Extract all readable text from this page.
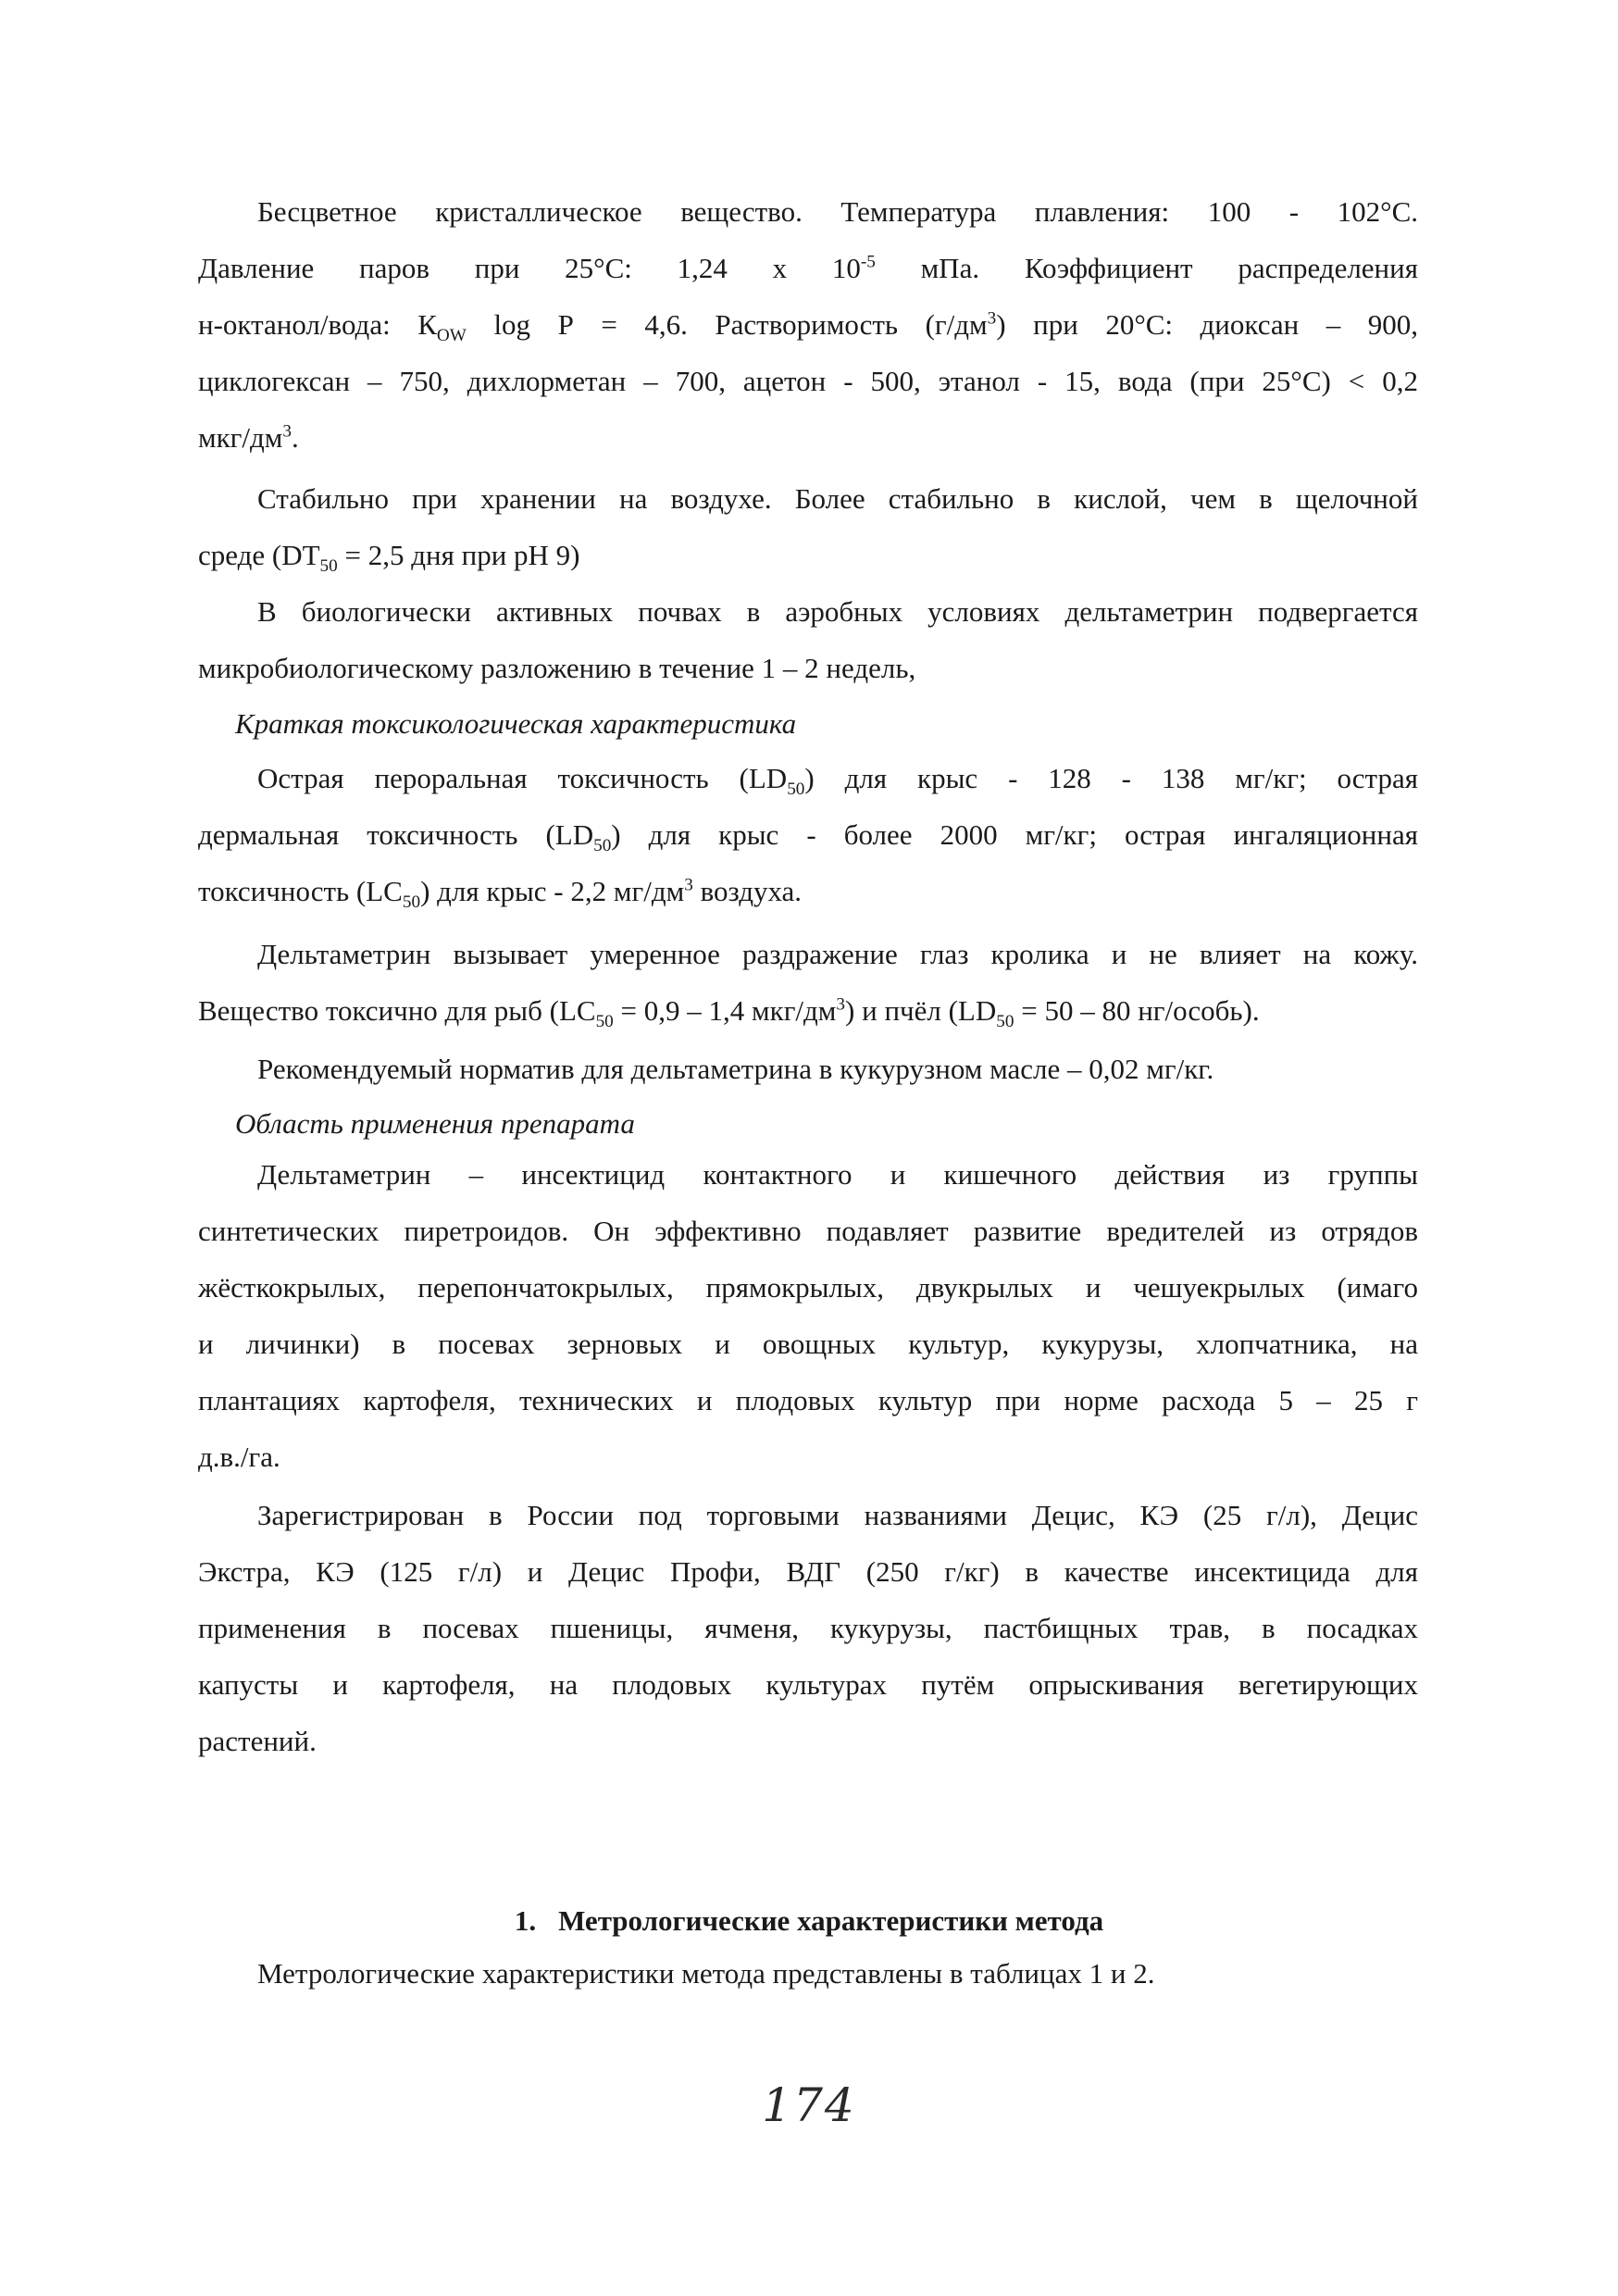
Бесцветное кристаллическое вещество. Температура плавления: 100 - 102°С.
Давление паров при 25°С: 1,24 х $10^{-5}$ мПа. Коэффициент распределения
н-октанол/вода: $К_{OW}$ log Р = 4,6. Растворимость $(г/дм^3)$ при 20°С: диоксан – 900,
циклогексан – 750, дихлорметан – 700, ацетон - 500, этанол - 15, вода (при 25°С) < 0,2
мкг/$дм^3$.
Стабильно при хранении на воздухе. Более стабильно в кислой, чем в щелочной
среде ($DT_{50} = 2,5$ дня при pH 9)
В биологически активных почвах в аэробных условиях дельтаметрин подвергается
микробиологическому разложению в течение 1 – 2 недель,
Краткая токсикологическая характеристика
Острая пероральная токсичность $(LD_{50})$ для крыс - 128 - 138 мг/кг; острая
дермальная токсичность $(LD_{50})$ для крыс - более 2000 мг/кг; острая ингаляционная
токсичность $(LC_{50})$ для крыс - 2,2 $мг/дм^3$ воздуха.
Дельтаметрин вызывает умеренное раздражение глаз кролика и не влияет на кожу.
Вещество токсично для рыб ($LC_{50} = 0,9 - 1,4$ мкг/$дм^3$) и пчёл ($LD_{50} = 50 - 80$ нг/особь).
Рекомендуемый норматив для дельтаметрина в кукурузном масле – 0,02 мг/кг.
Область применения препарата
Дельтаметрин – инсектицид контактного и кишечного действия из группы
синтетических пиретроидов. Он эффективно подавляет развитие вредителей из отрядов
жёсткокрылых, перепончатокрылых, прямокрылых, двукрылых и чешуекрылых (имаго
и личинки) в посевах зерновых и овощных культур, кукурузы, хлопчатника, на
плантациях картофеля, технических и плодовых культур при норме расхода 5 – 25 г
д.в./га.
Зарегистрирован в России под торговыми названиями Децис, КЭ (25 г/л), Децис
Экстра, КЭ (125 г/л) и Децис Профи, ВДГ (250 г/кг) в качестве инсектицида для
применения в посевах пшеницы, ячменя, кукурузы, пастбищных трав, в посадках
капусты и картофеля, на плодовых культурах путём опрыскивания вегетирующих
растений.
1. Метрологические характеристики метода
Метрологические характеристики метода представлены в таблицах 1 и 2.
174
